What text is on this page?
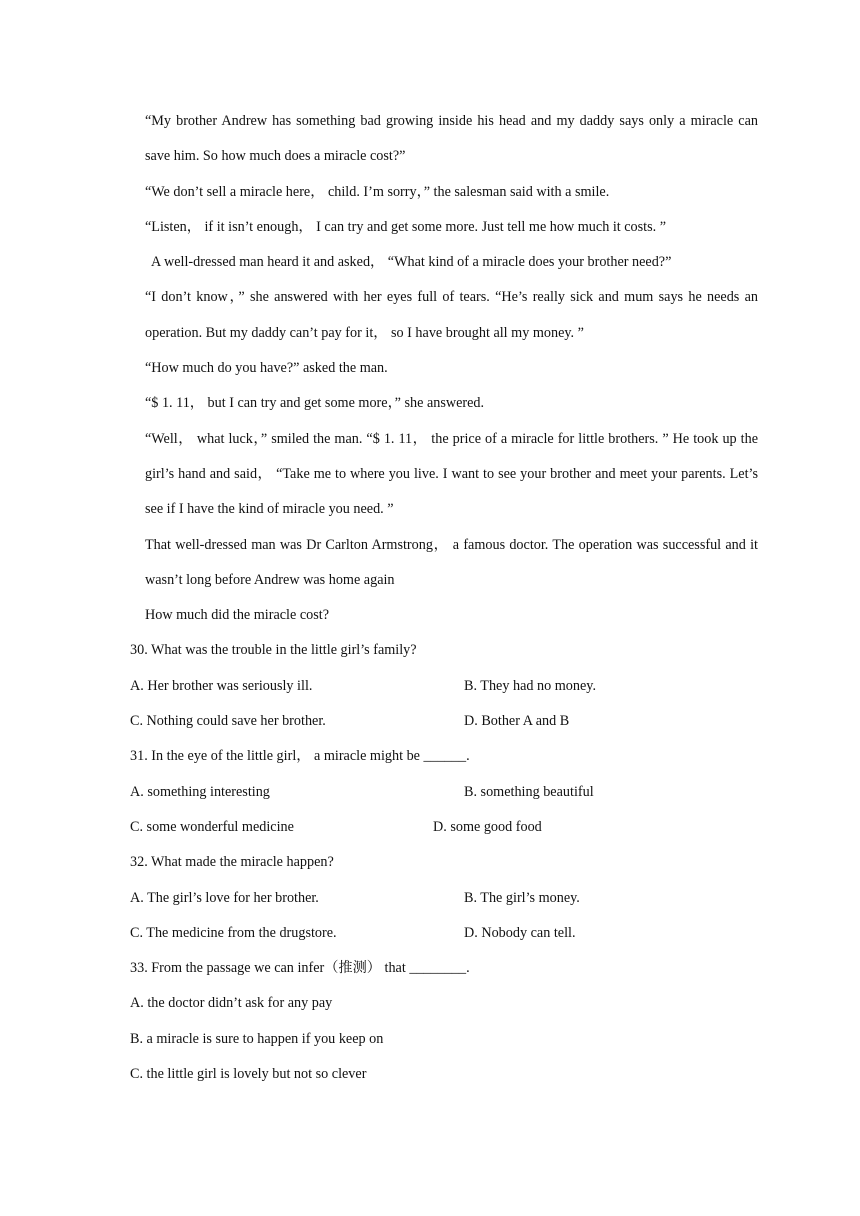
“My brother Andrew has something bad growing inside his head and my daddy says only a miracle can save him. So how much does a miracle cost?”
“We don’t sell a miracle here， child. I’m sorry，” the salesman said with a smile.
“Listen， if it isn’t enough， I can try and get some more. Just tell me how much it costs. ”
A well-dressed man heard it and asked， “What kind of a miracle does your brother need?”
“I don’t know，” she answered with her eyes full of tears. “He’s really sick and mum says he needs an operation. But my daddy can’t pay for it， so I have brought all my money. ”
“How much do you have?” asked the man.
“$ 1. 11， but I can try and get some more，” she answered.
“Well， what luck，” smiled the man. “$ 1. 11， the price of a miracle for little brothers. ” He took up the girl’s hand and said， “Take me to where you live. I want to see your brother and meet your parents. Let’s see if I have the kind of miracle you need. ”
That well-dressed man was Dr Carlton Armstrong， a famous doctor. The operation was successful and it wasn’t long before Andrew was home again
How much did the miracle cost?
30. What was the trouble in the little girl’s family?
A. Her brother was seriously ill.	B. They had no money.
C. Nothing could save her brother.	D. Bother A and B
31. In the eye of the little girl， a miracle might be ______.
A. something interesting	B. something beautiful
C. some wonderful medicine	D. some good food
32. What made the miracle happen?
A. The girl’s love for her brother.	B. The girl’s money.
C. The medicine from the drugstore.	D. Nobody can tell.
33. From the passage we can infer（推测） that ________.
A. the doctor didn’t ask for any pay
B. a miracle is sure to happen if you keep on
C. the little girl is lovely but not so clever
